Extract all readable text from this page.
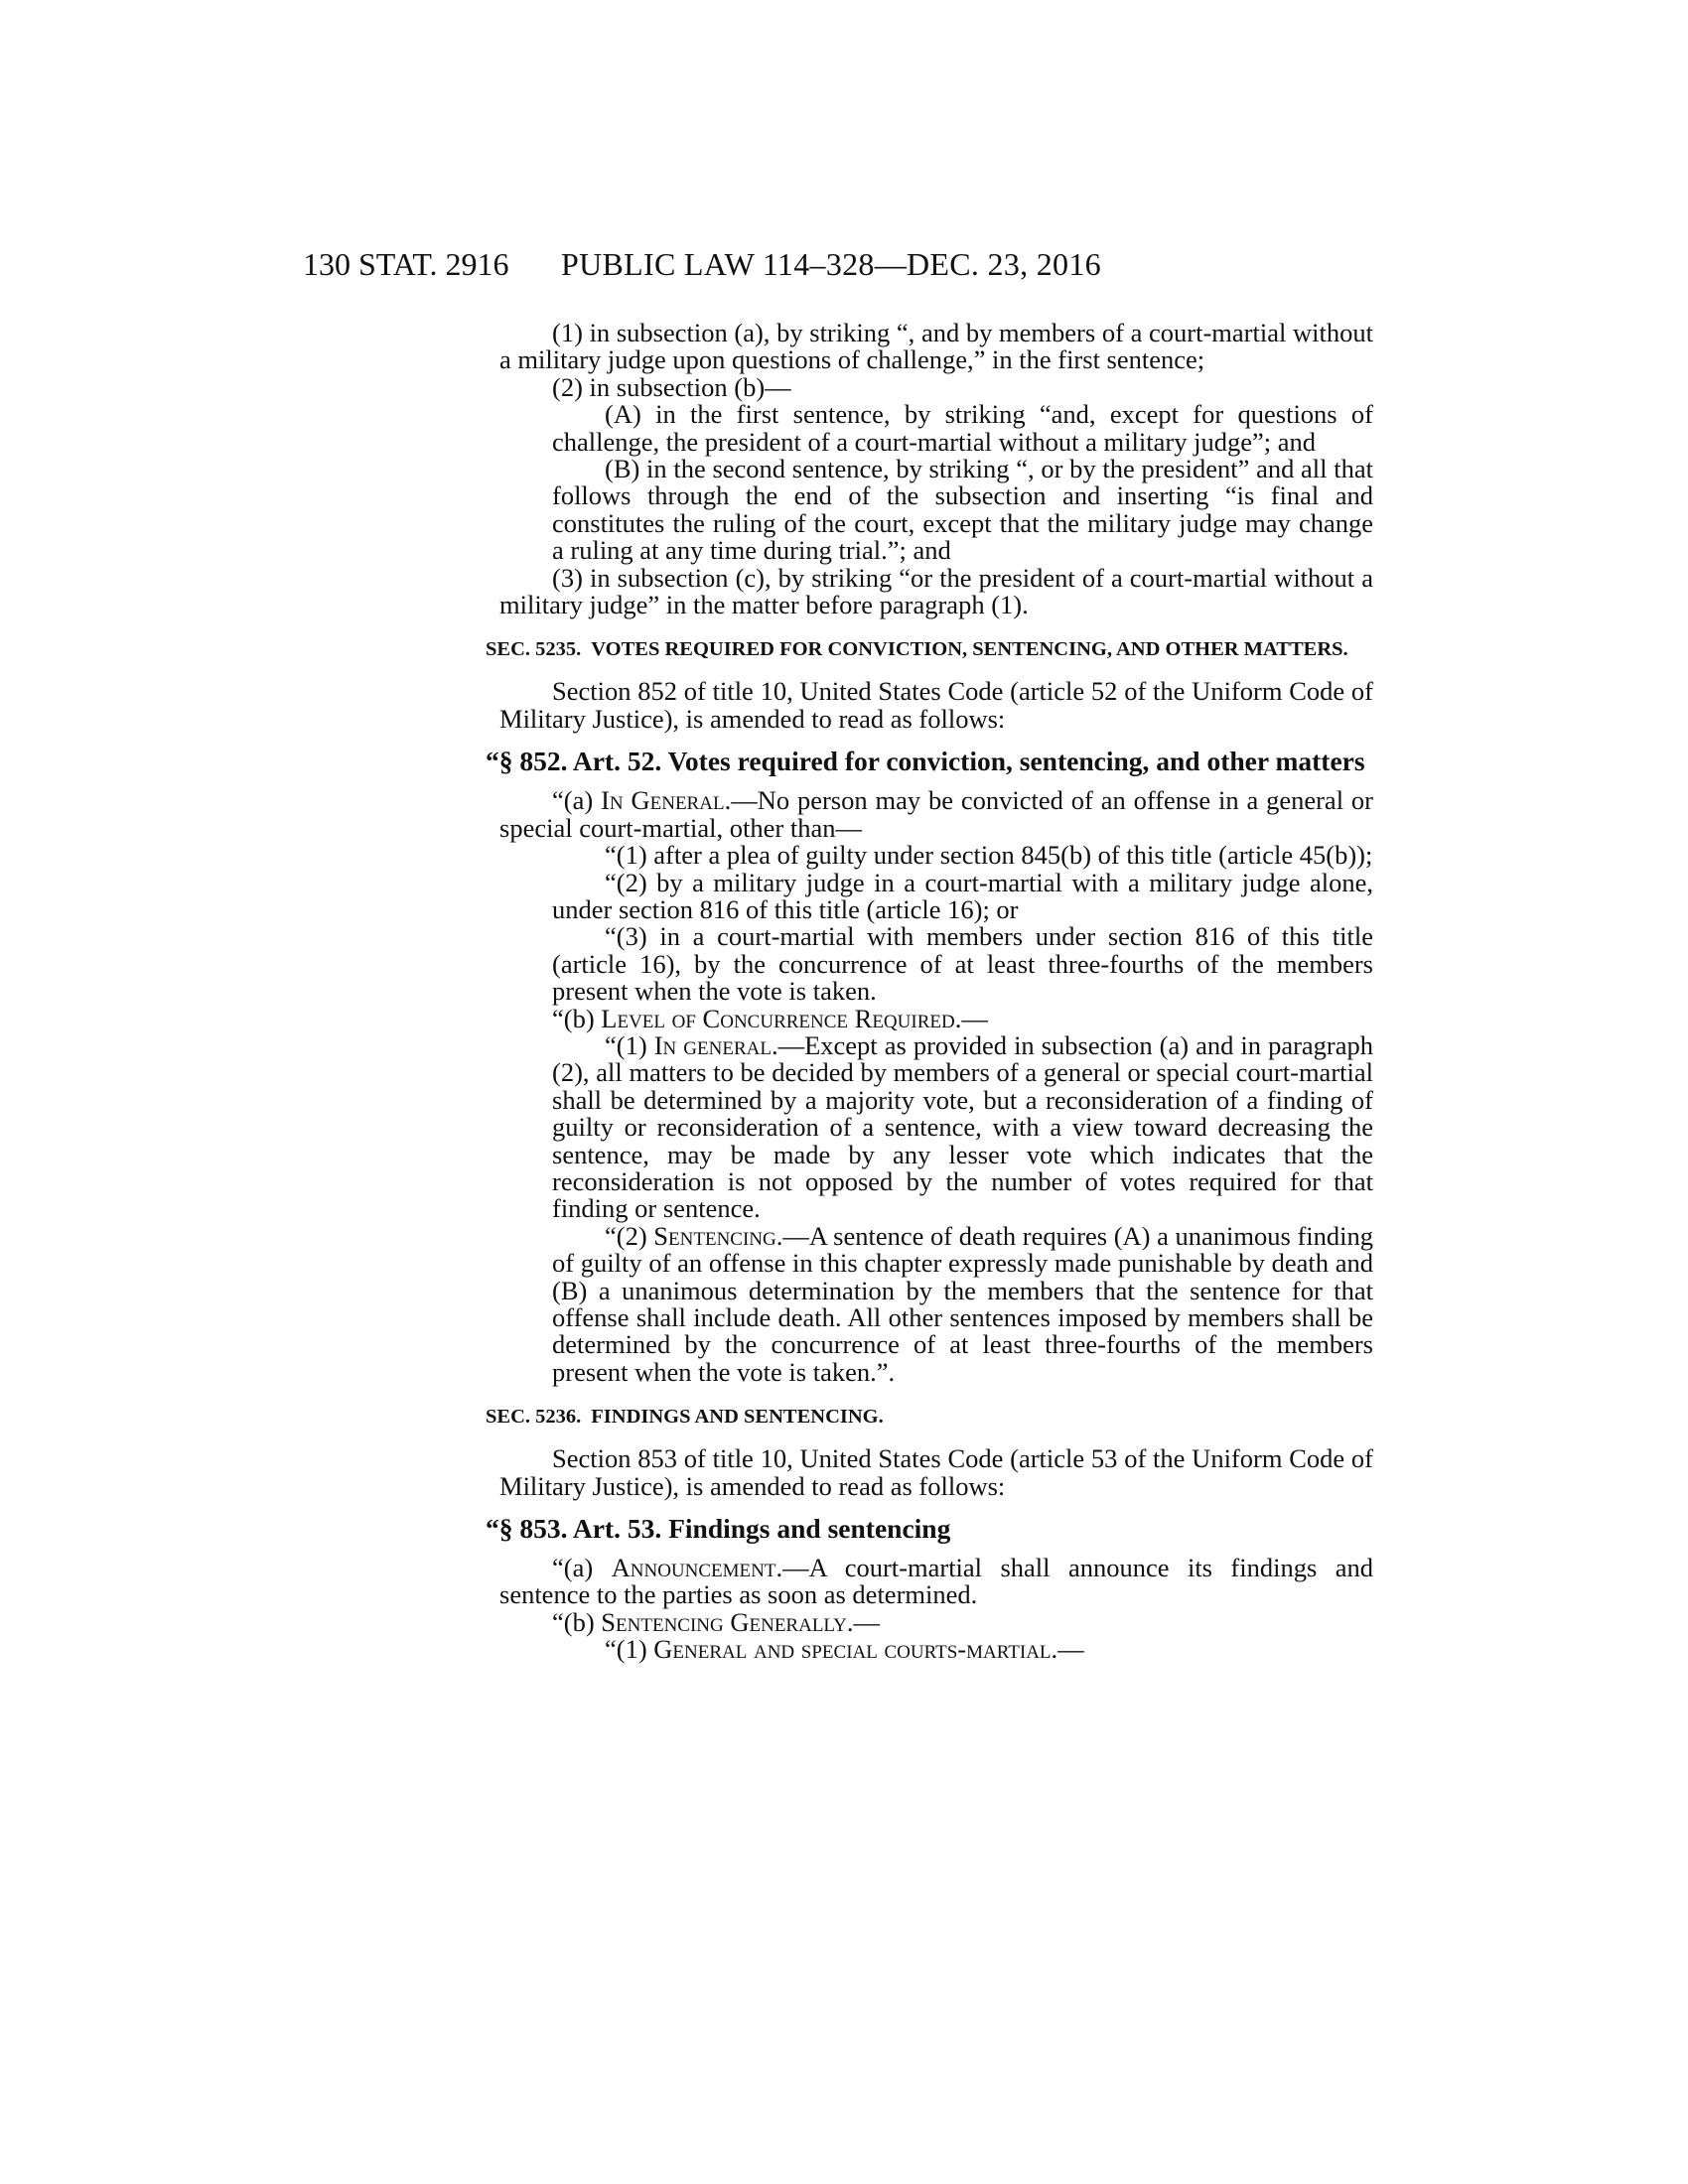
130 STAT. 2916 PUBLIC LAW 114–328—DEC. 23, 2016

(1) in subsection (a), by striking “, and by members of a court-martial without a military judge upon questions of challenge,” in the first sentence;

(2) in subsection (b)—

(A) in the first sentence, by striking “and, except for questions of challenge, the president of a court-martial without a military judge”; and

(B) in the second sentence, by striking “, or by the president” and all that follows through the end of the subsection and inserting “is final and constitutes the ruling of the court, except that the military judge may change a ruling at any time during trial.”; and

(3) in subsection (c), by striking “or the president of a court-martial without a military judge” in the matter before paragraph (1).

SEC. 5235. VOTES REQUIRED FOR CONVICTION, SENTENCING, AND OTHER MATTERS.

Section 852 of title 10, United States Code (article 52 of the Uniform Code of Military Justice), is amended to read as follows:

“§ 852. Art. 52. Votes required for conviction, sentencing, and other matters

“(a) In General.—No person may be convicted of an offense in a general or special court-martial, other than—

“(1) after a plea of guilty under section 845(b) of this title (article 45(b));

“(2) by a military judge in a court-martial with a military judge alone, under section 816 of this title (article 16); or

“(3) in a court-martial with members under section 816 of this title (article 16), by the concurrence of at least three-fourths of the members present when the vote is taken.

“(b) Level of Concurrence Required.—

“(1) In general.—Except as provided in subsection (a) and in paragraph (2), all matters to be decided by members of a general or special court-martial shall be determined by a majority vote, but a reconsideration of a finding of guilty or reconsideration of a sentence, with a view toward decreasing the sentence, may be made by any lesser vote which indicates that the reconsideration is not opposed by the number of votes required for that finding or sentence.

“(2) Sentencing.—A sentence of death requires (A) a unanimous finding of guilty of an offense in this chapter expressly made punishable by death and (B) a unanimous determination by the members that the sentence for that offense shall include death. All other sentences imposed by members shall be determined by the concurrence of at least three-fourths of the members present when the vote is taken.”.

SEC. 5236. FINDINGS AND SENTENCING.

Section 853 of title 10, United States Code (article 53 of the Uniform Code of Military Justice), is amended to read as follows:

“§ 853. Art. 53. Findings and sentencing

“(a) Announcement.—A court-martial shall announce its findings and sentence to the parties as soon as determined.

“(b) Sentencing Generally.—

“(1) General and special courts-martial.—
